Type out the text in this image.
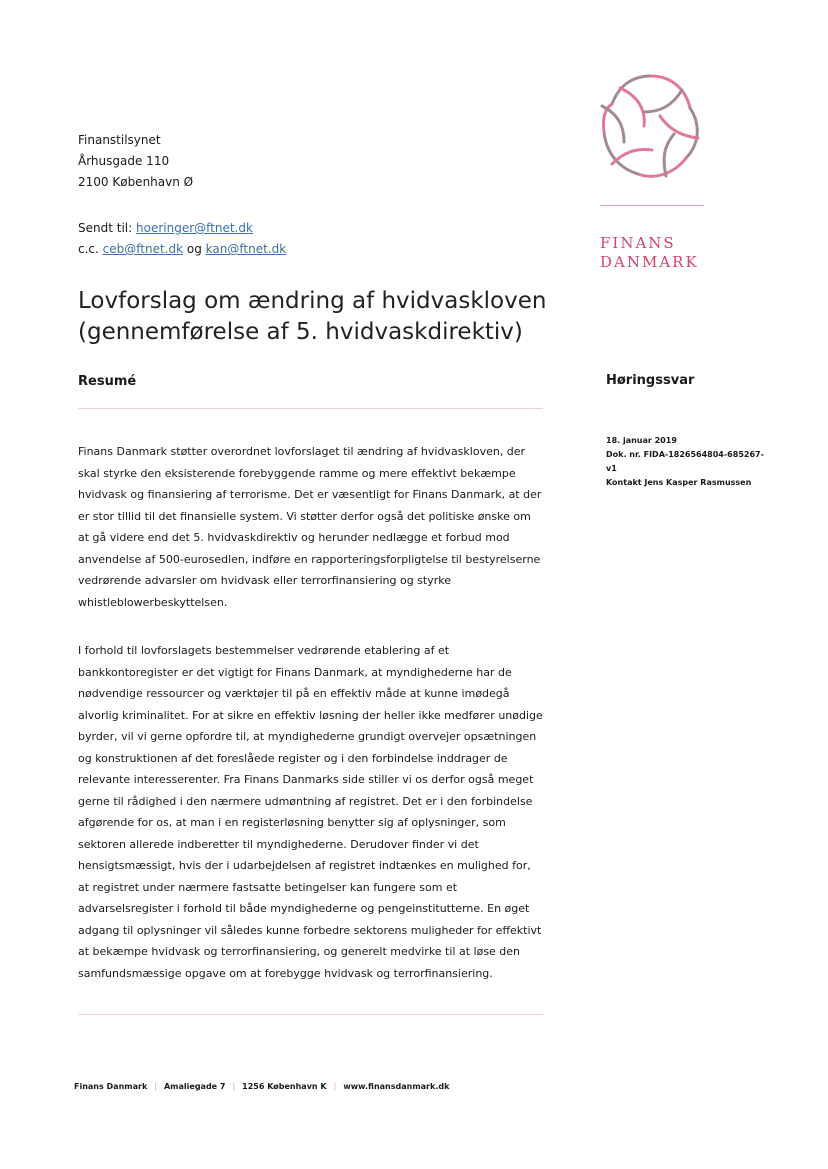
Finanstilsynet
Århusgade 110
2100 København Ø
Sendt til: hoeringer@ftnet.dk
c.c. ceb@ftnet.dk og kan@ftnet.dk	FINANS
DANMARK
Lovforslag om ændring af hvidvaskloven
(gennemførelse af 5. hvidvaskdirektiv)
Resumé	Høringssvar
18. januar 2019
Dok. nr. FIDA-1826564804-685267-v1
Kontakt Jens Kasper Rasmussen

Finans Danmark støtter overordnet lovforslaget til ændring af hvidvaskloven, der skal styrke den eksisterende forebyggende ramme og mere effektivt bekæmpe hvidvask og finansiering af terrorisme. Det er væsentligt for Finans Danmark, at der er stor tillid til det finansielle system. Vi støtter derfor også det politiske ønske om at gå videre end det 5. hvidvaskdirektiv og herunder nedlægge et forbud mod anvendelse af 500-eurosedlen, indføre en rapporteringsforpligtelse til bestyrelserne vedrørende advarsler om hvidvask eller terrorfinansiering og styrke whistleblowerbeskyttelsen.

I forhold til lovforslagets bestemmelser vedrørende etablering af et bankkontoregister er det vigtigt for Finans Danmark, at myndighederne har de nødvendige ressourcer og værktøjer til på en effektiv måde at kunne imødegå alvorlig kriminalitet. For at sikre en effektiv løsning der heller ikke medfører unødige byrder, vil vi gerne opfordre til, at myndighederne grundigt overvejer opsætningen og konstruktionen af det foreslåede register og i den forbindelse inddrager de relevante interesserenter. Fra Finans Danmarks side stiller vi os derfor også meget gerne til rådighed i den nærmere udmøntning af registret. Det er i den forbindelse afgørende for os, at man i en registerløsning benytter sig af oplysninger, som sektoren allerede indberetter til myndighederne. Derudover finder vi det hensigtsmæssigt, hvis der i udarbejdelsen af registret indtænkes en mulighed for, at registret under nærmere fastsatte betingelser kan fungere som et advarselsregister i forhold til både myndighederne og pengeinstitutterne. En øget adgang til oplysninger vil således kunne forbedre sektorens muligheder for effektivt at bekæmpe hvidvask og terrorfinansiering, og generelt medvirke til at løse den samfundsmæssige opgave om at forebygge hvidvask og terrorfinansiering.

Finans Danmark | Amaliegade 7 | 1256 København K | www.finansdanmark.dk
